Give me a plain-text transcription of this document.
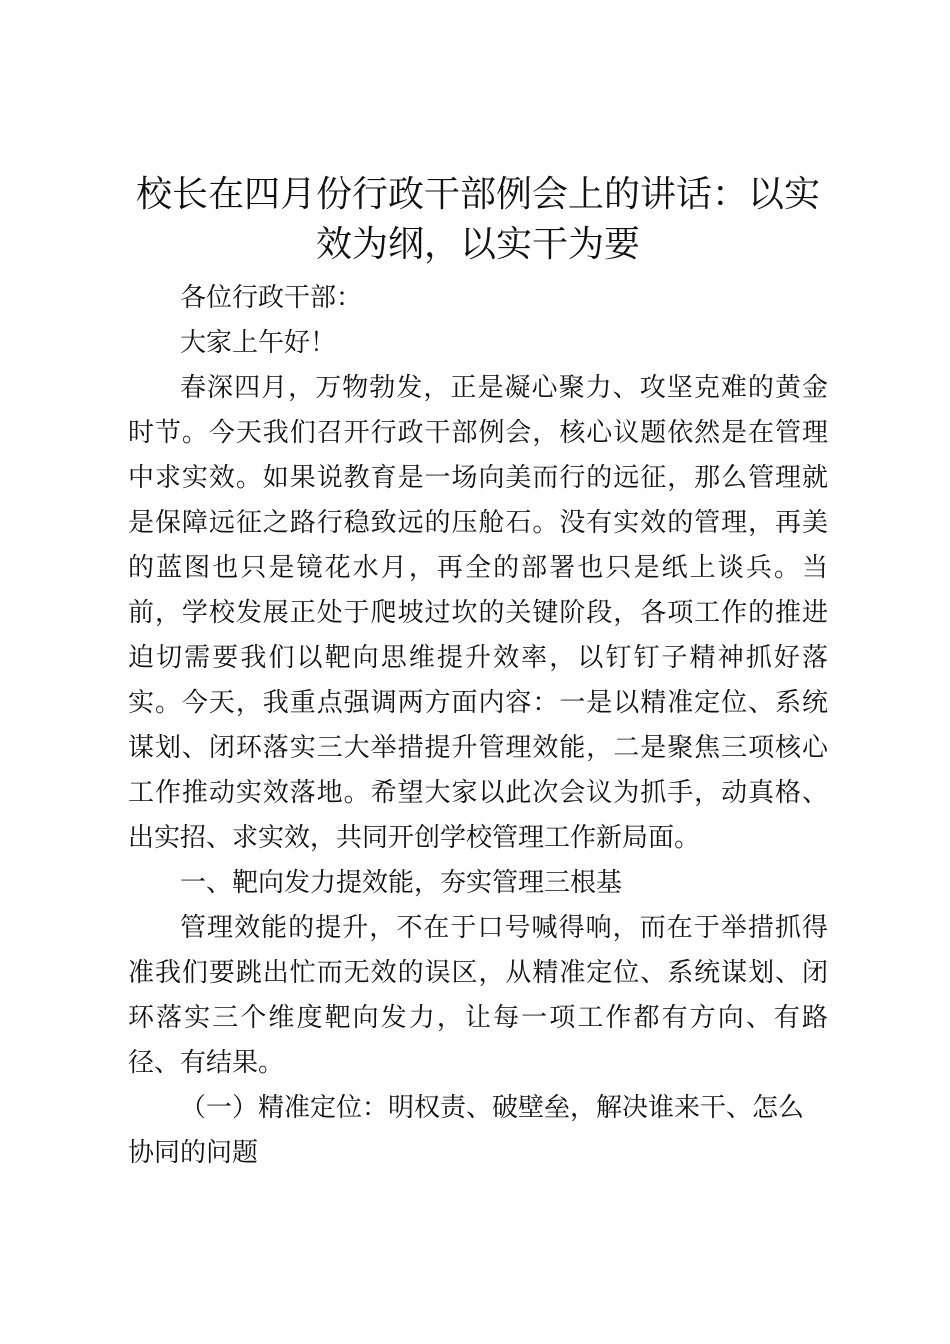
校长在四月份行政干部例会上的讲话：以实效为纲，以实干为要

各位行政干部：

大家上午好！

春深四月，万物勃发，正是凝心聚力、攻坚克难的黄金时节。今天我们召开行政干部例会，核心议题依然是在管理中求实效。如果说教育是一场向美而行的远征，那么管理就是保障远征之路行稳致远的压舱石。没有实效的管理，再美的蓝图也只是镜花水月，再全的部署也只是纸上谈兵。当前，学校发展正处于爬坡过坎的关键阶段，各项工作的推进迫切需要我们以靶向思维提升效率，以钉钉子精神抓好落实。今天，我重点强调两方面内容：一是以精准定位、系统谋划、闭环落实三大举措提升管理效能，二是聚焦三项核心工作推动实效落地。希望大家以此次会议为抓手，动真格、出实招、求实效，共同开创学校管理工作新局面。

一、靶向发力提效能，夯实管理三根基

管理效能的提升，不在于口号喊得响，而在于举措抓得准我们要跳出忙而无效的误区，从精准定位、系统谋划、闭环落实三个维度靶向发力，让每一项工作都有方向、有路径、有结果。

（一）精准定位：明权责、破壁垒，解决谁来干、怎么协同的问题
